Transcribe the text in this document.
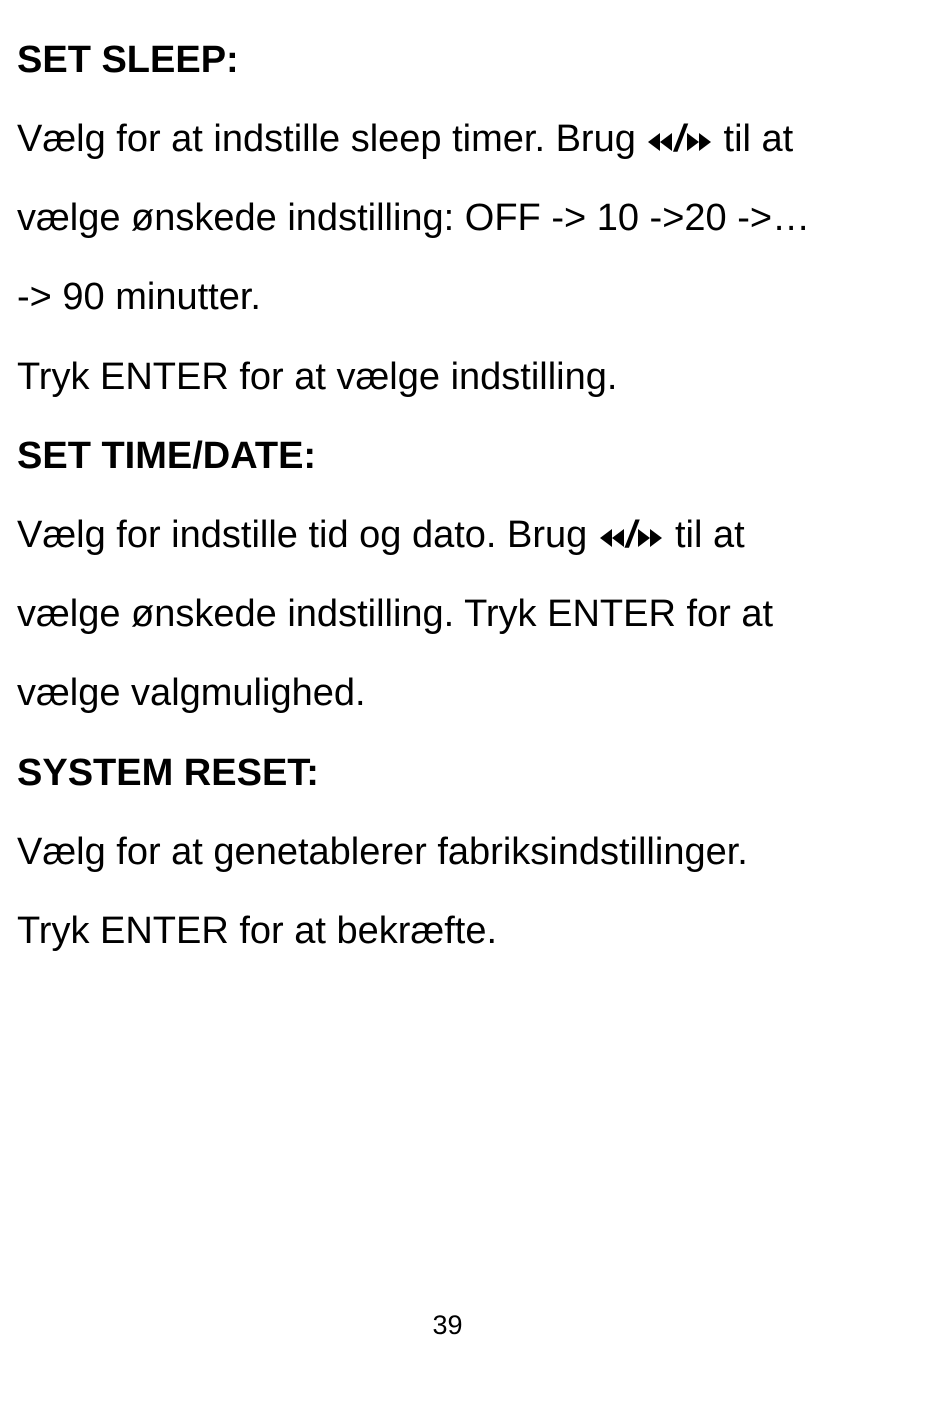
SET SLEEP:
Vælg for at indstille sleep timer. Brug / til at
vælge ønskede indstilling: OFF -> 10 ->20 ->…
-> 90 minutter.
Tryk ENTER for at vælge indstilling.
SET TIME/DATE:
Vælg for indstille tid og dato. Brug / til at
vælge ønskede indstilling. Tryk ENTER for at
vælge valgmulighed.
SYSTEM RESET:
Vælg for at genetablerer fabriksindstillinger.
Tryk ENTER for at bekræfte.
39
